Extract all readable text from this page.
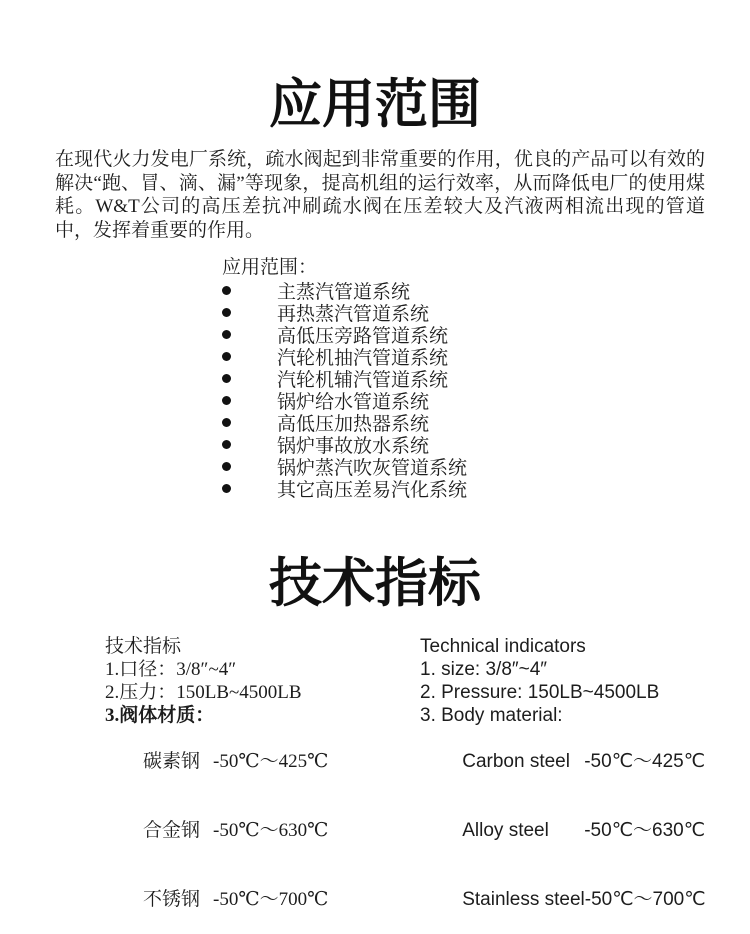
应用范围

在现代火力发电厂系统，疏水阀起到非常重要的作用，优良的产品可以有效的解决“跑、冒、滴、漏”等现象，提高机组的运行效率，从而降低电厂的使用煤耗。W&T公司的高压差抗冲刷疏水阀在压差较大及汽液两相流出现的管道中，发挥着重要的作用。

应用范围：
主蒸汽管道系统
再热蒸汽管道系统
高低压旁路管道系统
汽轮机抽汽管道系统
汽轮机辅汽管道系统
锅炉给水管道系统
高低压加热器系统
锅炉事故放水系统
锅炉蒸汽吹灰管道系统
其它高压差易汽化系统
技术指标
技术指标
1.口径：3/8″~4″
2.压力：150LB~4500LB
3.阀体材质：

碳素钢 -50℃～425℃

合金钢 -50℃～630℃

不锈钢 -50℃～700℃

Technical indicators
1. size: 3/8″~4″
2. Pressure: 150LB~4500LB
3. Body material:

Carbon steel -50℃～425℃

Alloy steel -50℃～630℃

Stainless steel-50℃～700℃
